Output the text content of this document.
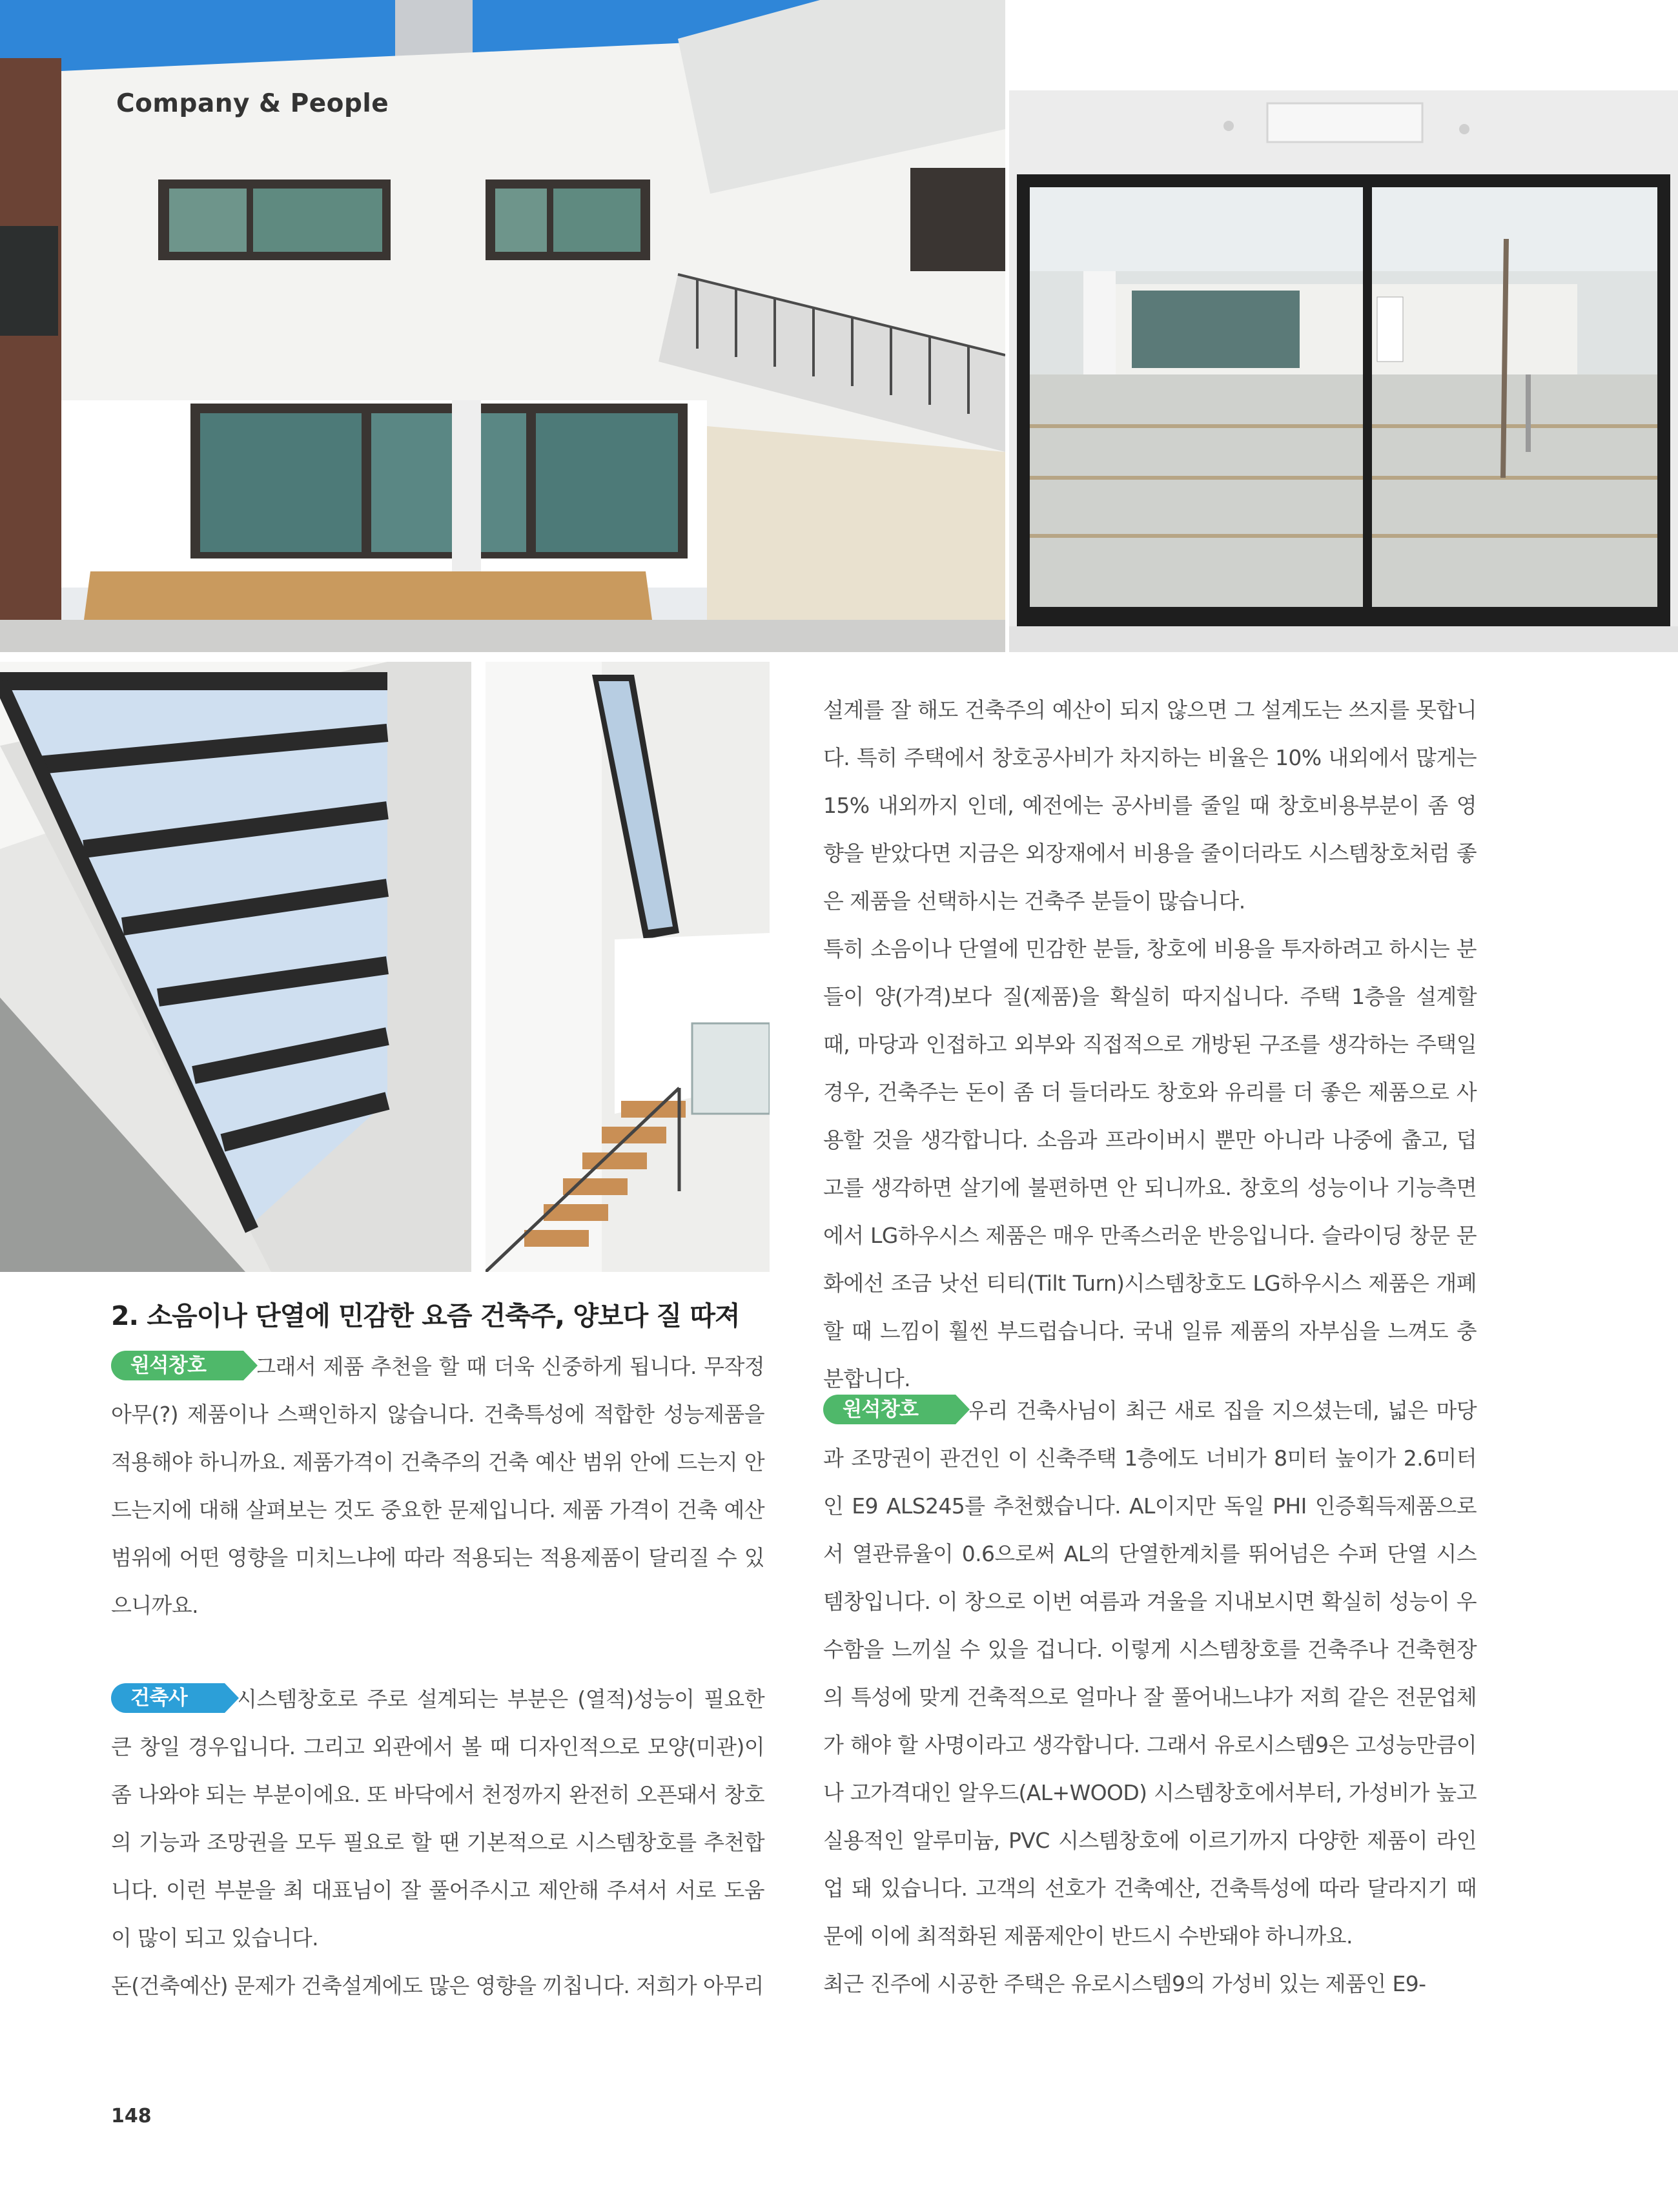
Company & People
2. 소음이나 단열에 민감한 요즘 건축주, 양보다 질 따져

원석창호 그래서 제품 추천을 할 때 더욱 신중하게 됩니다. 무작정 아무(?) 제품이나 스팩인하지 않습니다. 건축특성에 적합한 성능제품을 적용해야 하니까요. 제품가격이 건축주의 건축 예산 범위 안에 드는지 안 드는지에 대해 살펴보는 것도 중요한 문제입니다. 제품 가격이 건축 예산 범위에 어떤 영향을 미치느냐에 따라 적용되는 적용제품이 달리질 수 있으니까요.

건축사 시스템창호로 주로 설계되는 부분은 (열적)성능이 필요한 큰 창일 경우입니다. 그리고 외관에서 볼 때 디자인적으로 모양(미관)이 좀 나와야 되는 부분이에요. 또 바닥에서 천정까지 완전히 오픈돼서 창호의 기능과 조망권을 모두 필요로 할 땐 기본적으로 시스템창호를 추천합니다. 이런 부분을 최 대표님이 잘 풀어주시고 제안해 주셔서 서로 도움이 많이 되고 있습니다.

돈(건축예산) 문제가 건축설계에도 많은 영향을 끼칩니다. 저희가 아무리

설계를 잘 해도 건축주의 예산이 되지 않으면 그 설계도는 쓰지를 못합니다. 특히 주택에서 창호공사비가 차지하는 비율은 10% 내외에서 많게는 15% 내외까지 인데, 예전에는 공사비를 줄일 때 창호비용부분이 좀 영향을 받았다면 지금은 외장재에서 비용을 줄이더라도 시스템창호처럼 좋은 제품을 선택하시는 건축주 분들이 많습니다.

특히 소음이나 단열에 민감한 분들, 창호에 비용을 투자하려고 하시는 분들이 양(가격)보다 질(제품)을 확실히 따지십니다. 주택 1층을 설계할 때, 마당과 인접하고 외부와 직접적으로 개방된 구조를 생각하는 주택일 경우, 건축주는 돈이 좀 더 들더라도 창호와 유리를 더 좋은 제품으로 사용할 것을 생각합니다. 소음과 프라이버시 뿐만 아니라 나중에 춥고, 덥고를 생각하면 살기에 불편하면 안 되니까요. 창호의 성능이나 기능측면에서 LG하우시스 제품은 매우 만족스러운 반응입니다. 슬라이딩 창문 문화에선 조금 낫선 티티(Tilt Turn)시스템창호도 LG하우시스 제품은 개폐할 때 느낌이 훨씬 부드럽습니다. 국내 일류 제품의 자부심을 느껴도 충분합니다.

원석창호 우리 건축사님이 최근 새로 집을 지으셨는데, 넓은 마당과 조망권이 관건인 이 신축주택 1층에도 너비가 8미터 높이가 2.6미터인 E9 ALS245를 추천했습니다. AL이지만 독일 PHI 인증획득제품으로서 열관류율이 0.6으로써 AL의 단열한계치를 뛰어넘은 수퍼 단열 시스템창입니다. 이 창으로 이번 여름과 겨울을 지내보시면 확실히 성능이 우수함을 느끼실 수 있을 겁니다. 이렇게 시스템창호를 건축주나 건축현장의 특성에 맞게 건축적으로 얼마나 잘 풀어내느냐가 저희 같은 전문업체가 해야 할 사명이라고 생각합니다. 그래서 유로시스템9은 고성능만큼이나 고가격대인 알우드(AL+WOOD) 시스템창호에서부터, 가성비가 높고 실용적인 알루미늄, PVC 시스템창호에 이르기까지 다양한 제품이 라인업 돼 있습니다. 고객의 선호가 건축예산, 건축특성에 따라 달라지기 때문에 이에 최적화된 제품제안이 반드시 수반돼야 하니까요.

최근 진주에 시공한 주택은 유로시스템9의 가성비 있는 제품인 E9-

148
